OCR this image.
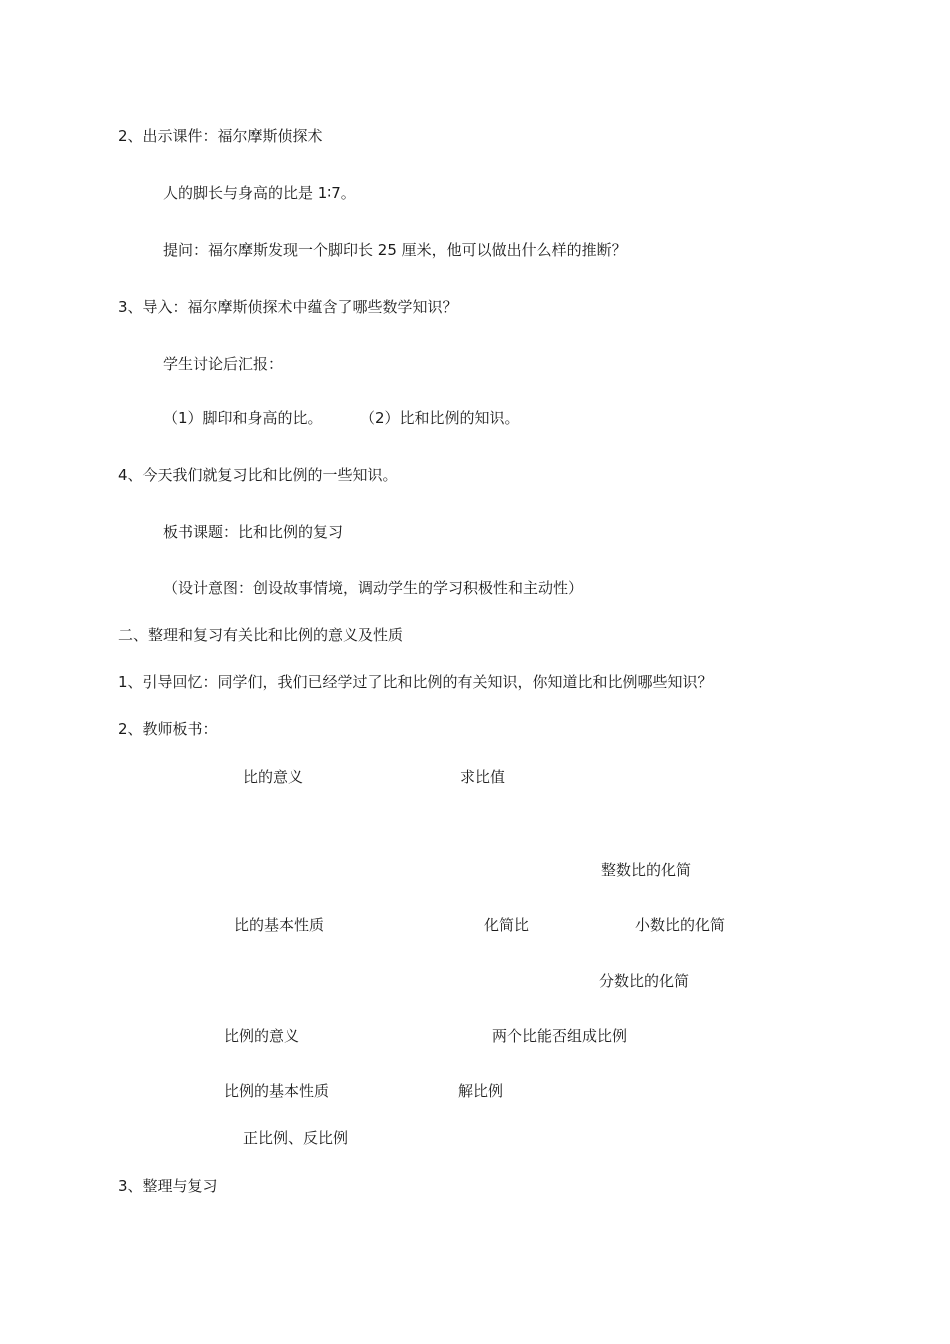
2、出示课件：福尔摩斯侦探术
人的脚长与身高的比是 1∶7。
提问：福尔摩斯发现一个脚印长 25 厘米，他可以做出什么样的推断？
3、导入：福尔摩斯侦探术中蕴含了哪些数学知识？
学生讨论后汇报：
（1）脚印和身高的比。 （2）比和比例的知识。
4、今天我们就复习比和比例的一些知识。
板书课题：比和比例的复习
（设计意图：创设故事情境，调动学生的学习积极性和主动性）
二、整理和复习有关比和比例的意义及性质
1、引导回忆：同学们，我们已经学过了比和比例的有关知识，你知道比和比例哪些知识？
2、教师板书：
比的意义	求比值
整数比的化简
比的基本性质	化简比	小数比的化简
分数比的化简
比例的意义	两个比能否组成比例
比例的基本性质	解比例
正比例、反比例
3、整理与复习
